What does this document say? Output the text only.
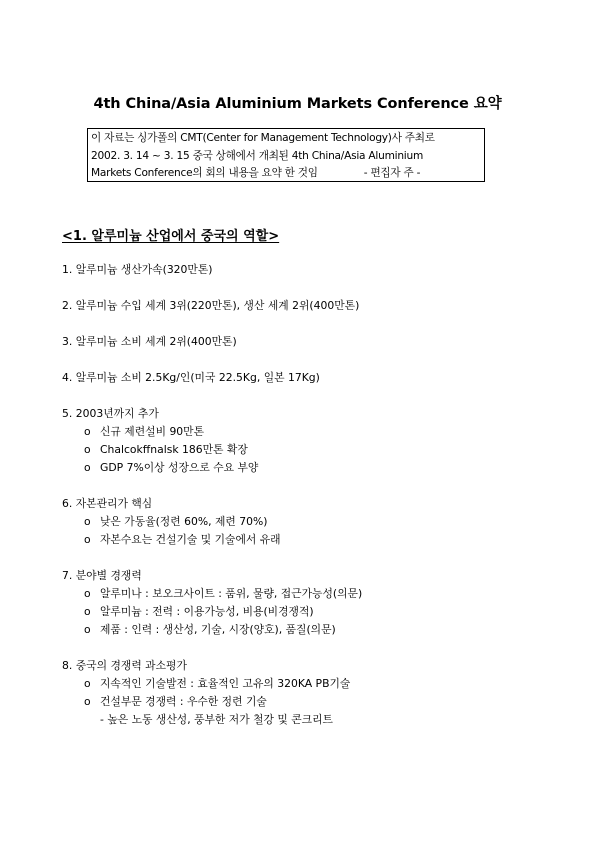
4th China/Asia Aluminium Markets Conference 요약
이 자료는 싱가폴의 CMT(Center for Management Technology)사 주최로
2002. 3. 14 ~ 3. 15 중국 상해에서 개최된 4th China/Asia Aluminium
Markets Conference의 회의 내용을 요약 한 것임	- 편집자 주 -
<1. 알루미늄 산업에서 중국의 역할>
1. 알루미늄 생산가속(320만톤)
2. 알루미늄 수입 세계 3위(220만톤), 생산 세계 2위(400만톤)
3. 알루미늄 소비 세계 2위(400만톤)
4. 알루미늄 소비 2.5Kg/인(미국 22.5Kg, 일본 17Kg)
5. 2003년까지 추가
o 신규 제련설비 90만톤
o Chalcokffnalsk 186만톤 확장
o GDP 7%이상 성장으로 수요 부양
6. 자본관리가 핵심
o 낮은 가동율(정련 60%, 제련 70%)
o 자본수요는 건설기술 및 기술에서 유래
7. 분야별 경쟁력
o 알루미나 : 보오크사이트 : 품위, 물량, 접근가능성(의문)
o 알루미늄 : 전력 : 이용가능성, 비용(비경쟁적)
o 제품 : 인력 : 생산성, 기술, 시장(양호), 품질(의문)
8. 중국의 경쟁력 과소평가
o 지속적인 기술발전 : 효율적인 고유의 320KA PB기술
o 건설부문 경쟁력 : 우수한 정련 기술
- 높은 노동 생산성, 풍부한 저가 철강 및 콘크리트
